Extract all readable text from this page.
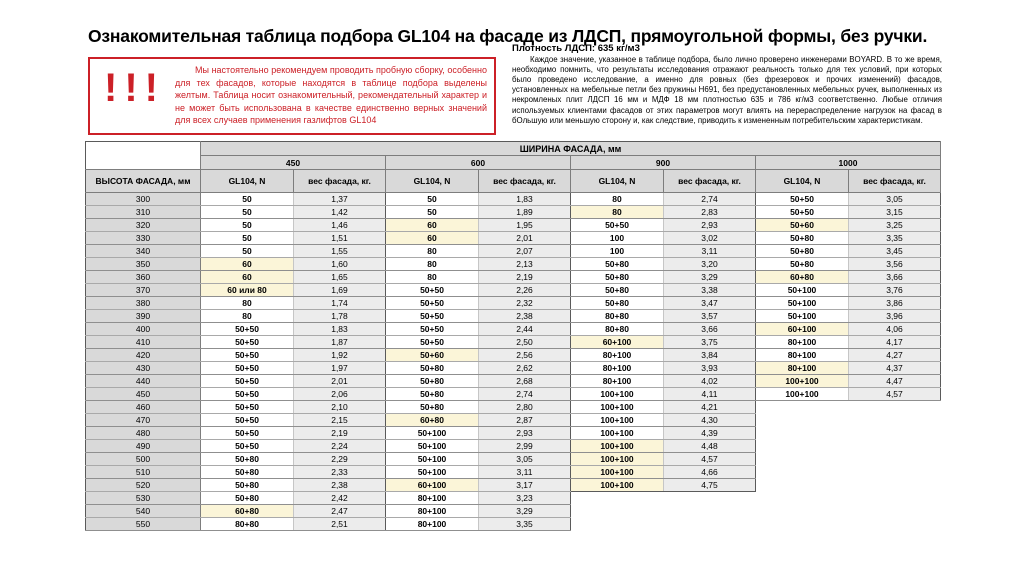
Ознакомительная таблица подбора GL104 на фасаде из ЛДСП, прямоугольной формы, без ручки.
!!!	Мы настоятельно рекомендуем проводить пробную сборку, особенно для тех фасадов, которые находятся в таблице подбора выделены желтым. Таблица носит ознакомительный, рекомендательный характер и не может быть использована в качестве единственно верных значений для всех случаев применения газлифтов GL104

Плотность ЛДСП: 635 кг/м3

Каждое значение, указанное в таблице подбора, было лично проверено инженерами BOYARD. В то же время, необходимо помнить, что результаты исследования отражают реальность только для тех условий, при которых было проведено исследование, а именно для ровных (без фрезеровок и прочих изменений) фасадов, установленных на мебельные петли без пружины H691, без предустановленных мебельных ручек, выполненных из некромленых плит ЛДСП 16 мм и МДФ 18 мм плотностью 635 и 786 кг/м3 соответственно. Любые отличия используемых клиентами фасадов от этих параметров могут влиять на перераспределение нагрузок на фасад в бОльшую или меньшую сторону и, как следствие, приводить к измененным потребительским характеристикам.

	ШИРИНА ФАСАДА, мм							
	450		600		900		1000	
ВЫСОТА ФАСАДА, мм	GL104, N	вес фасада, кг.	GL104, N	вес фасада, кг.	GL104, N	вес фасада, кг.	GL104, N	вес фасада, кг.
300	50	1,37	50	1,83	80	2,74	50+50	3,05
310	50	1,42	50	1,89	80	2,83	50+50	3,15
320	50	1,46	60	1,95	50+50	2,93	50+60	3,25
330	50	1,51	60	2,01	100	3,02	50+80	3,35
340	50	1,55	80	2,07	100	3,11	50+80	3,45
350	60	1,60	80	2,13	50+80	3,20	50+80	3,56
360	60	1,65	80	2,19	50+80	3,29	60+80	3,66
370	60 или 80	1,69	50+50	2,26	50+80	3,38	50+100	3,76
380	80	1,74	50+50	2,32	50+80	3,47	50+100	3,86
390	80	1,78	50+50	2,38	80+80	3,57	50+100	3,96
400	50+50	1,83	50+50	2,44	80+80	3,66	60+100	4,06
410	50+50	1,87	50+50	2,50	60+100	3,75	80+100	4,17
420	50+50	1,92	50+60	2,56	80+100	3,84	80+100	4,27
430	50+50	1,97	50+80	2,62	80+100	3,93	80+100	4,37
440	50+50	2,01	50+80	2,68	80+100	4,02	100+100	4,47
450	50+50	2,06	50+80	2,74	100+100	4,11	100+100	4,57
460	50+50	2,10	50+80	2,80	100+100	4,21		
470	50+50	2,15	60+80	2,87	100+100	4,30		
480	50+50	2,19	50+100	2,93	100+100	4,39		
490	50+50	2,24	50+100	2,99	100+100	4,48		
500	50+80	2,29	50+100	3,05	100+100	4,57		
510	50+80	2,33	50+100	3,11	100+100	4,66		
520	50+80	2,38	60+100	3,17	100+100	4,75		
530	50+80	2,42	80+100	3,23				
540	60+80	2,47	80+100	3,29				
550	80+80	2,51	80+100	3,35				
